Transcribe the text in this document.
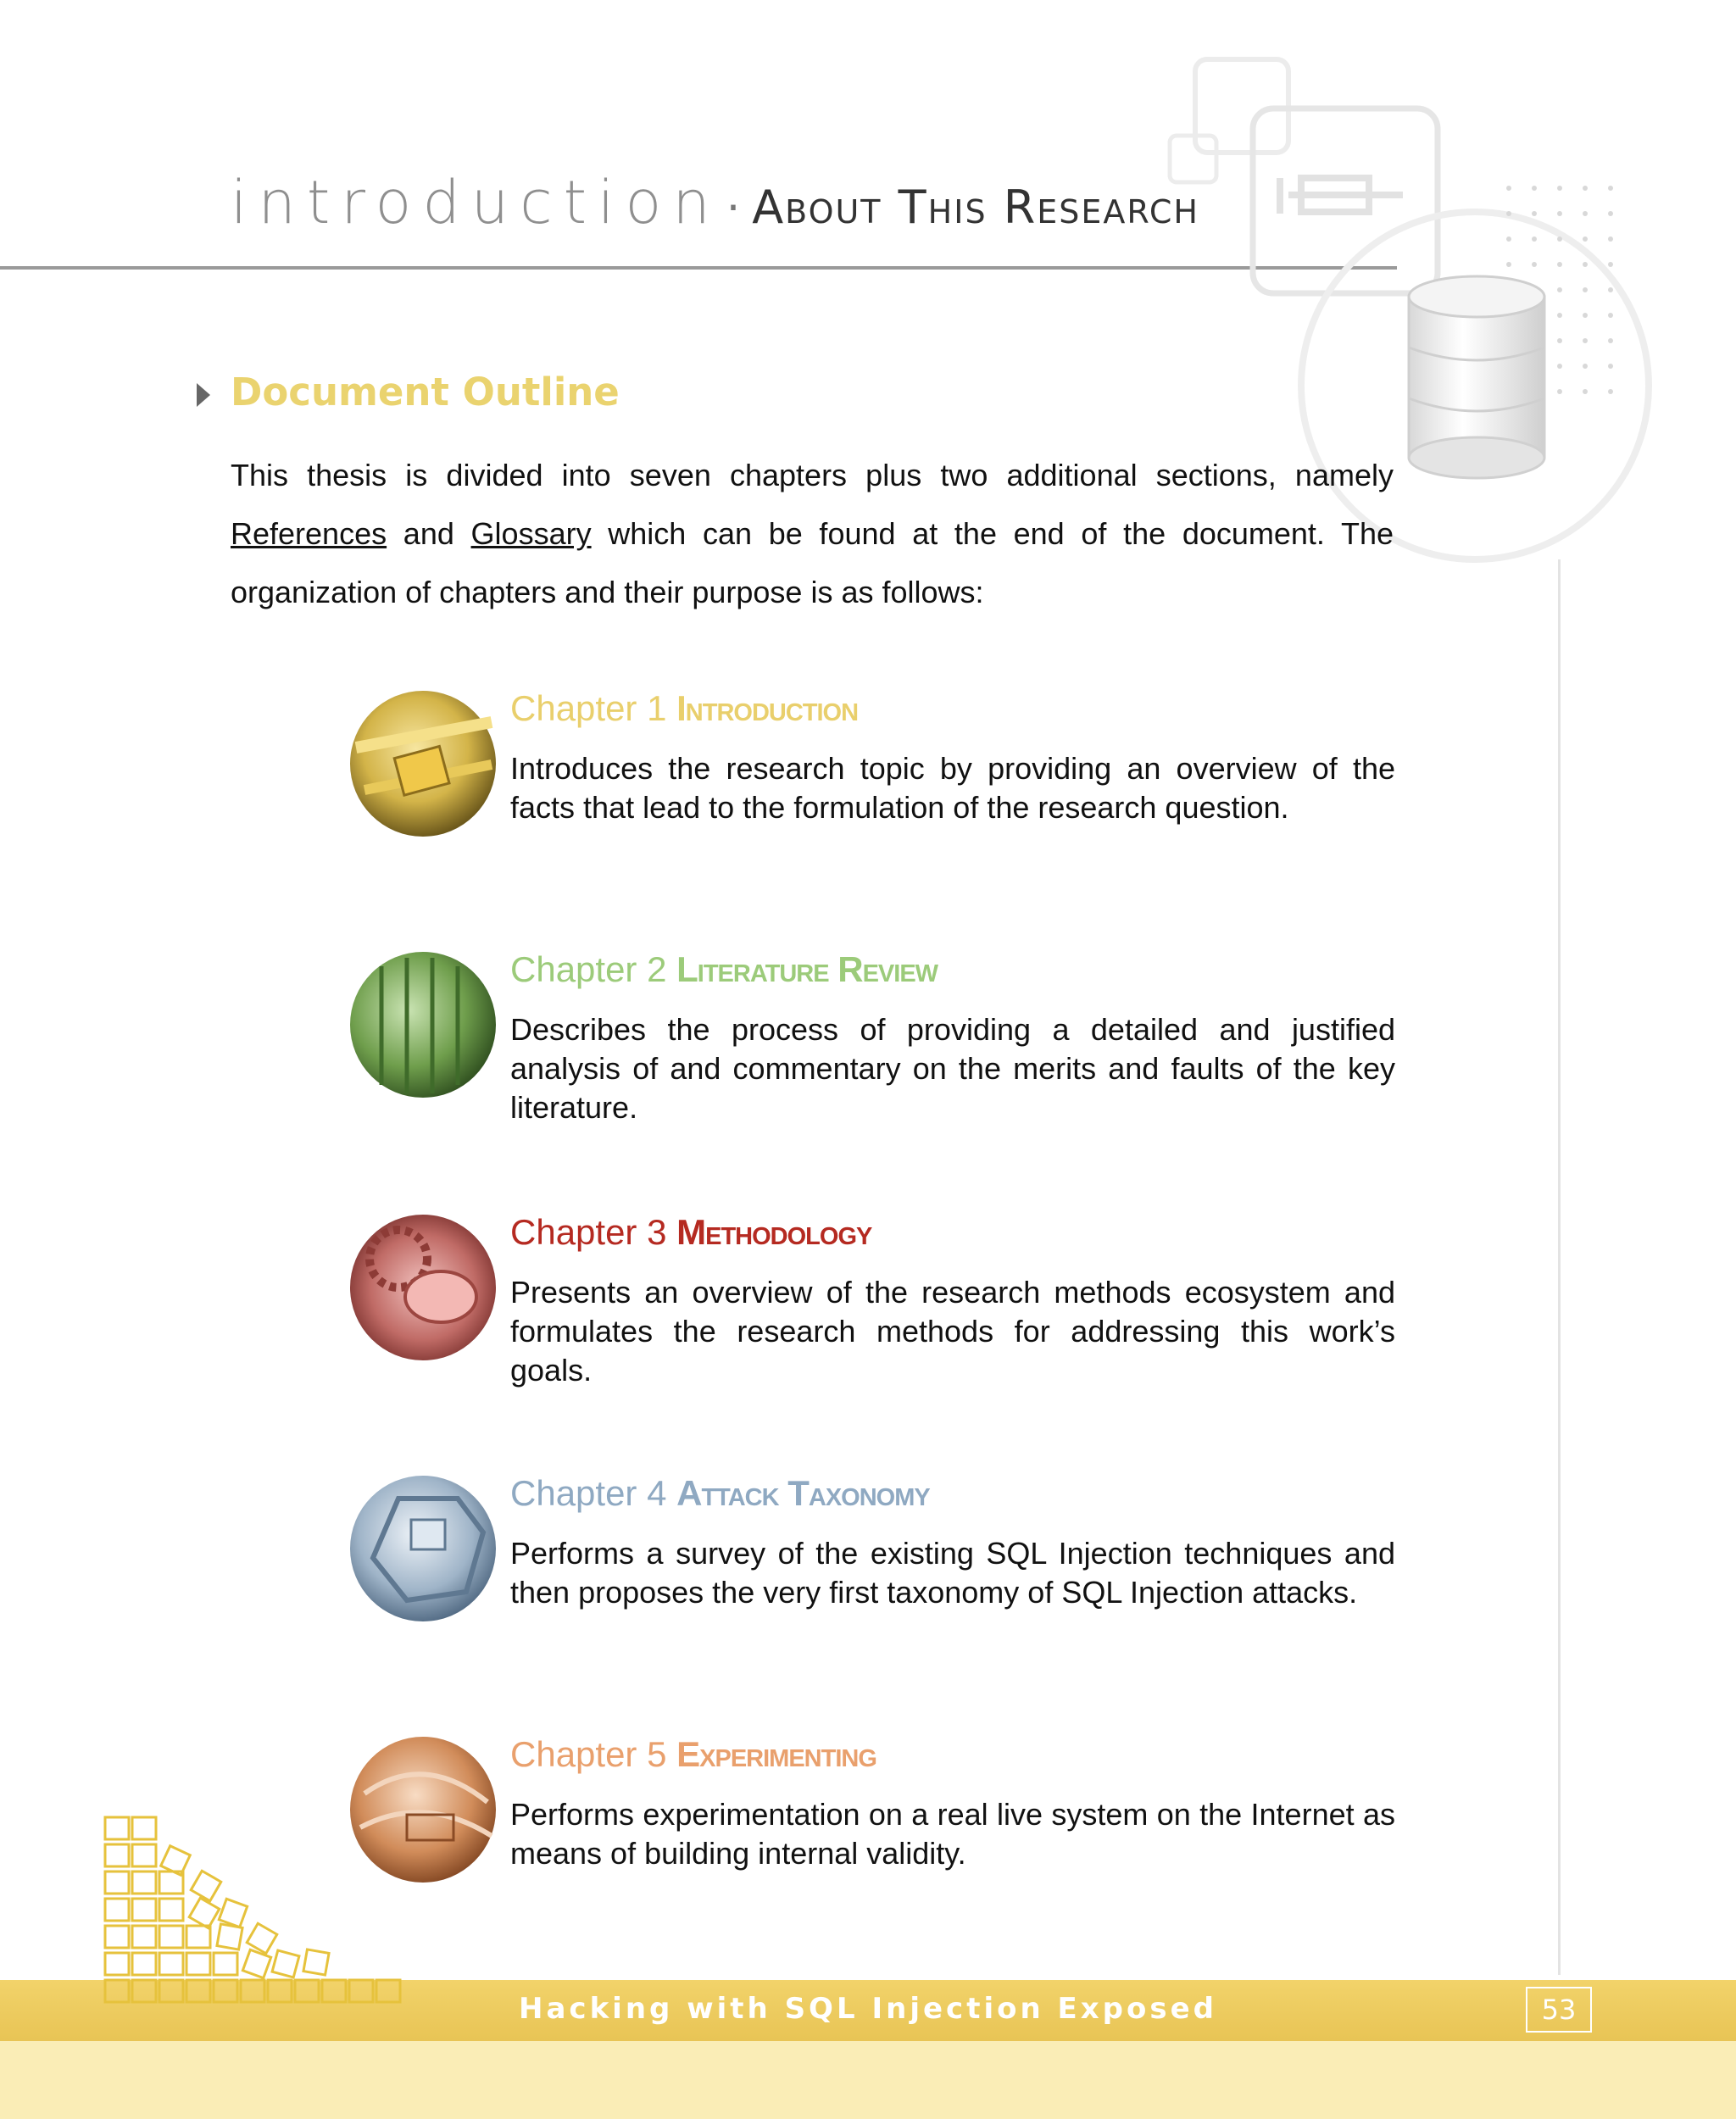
introduction · About This Research
Document Outline
This thesis is divided into seven chapters plus two additional sections, namely References and Glossary which can be found at the end of the document. The organization of chapters and their purpose is as follows:
Chapter 1 Introduction
Introduces the research topic by providing an overview of the facts that lead to the formulation of the research question.
Chapter 2 Literature Review
Describes the process of providing a detailed and justified analysis of and commentary on the merits and faults of the key literature.
Chapter 3 Methodology
Presents an overview of the research methods ecosystem and formulates the research methods for addressing this work’s goals.
Chapter 4 Attack Taxonomy
Performs a survey of the existing SQL Injection techniques and then proposes the very first taxonomy of SQL Injection attacks.
Chapter 5 Experimenting
Performs experimentation on a real live system on the Internet as means of building internal validity.
Hacking with SQL Injection Exposed	53
